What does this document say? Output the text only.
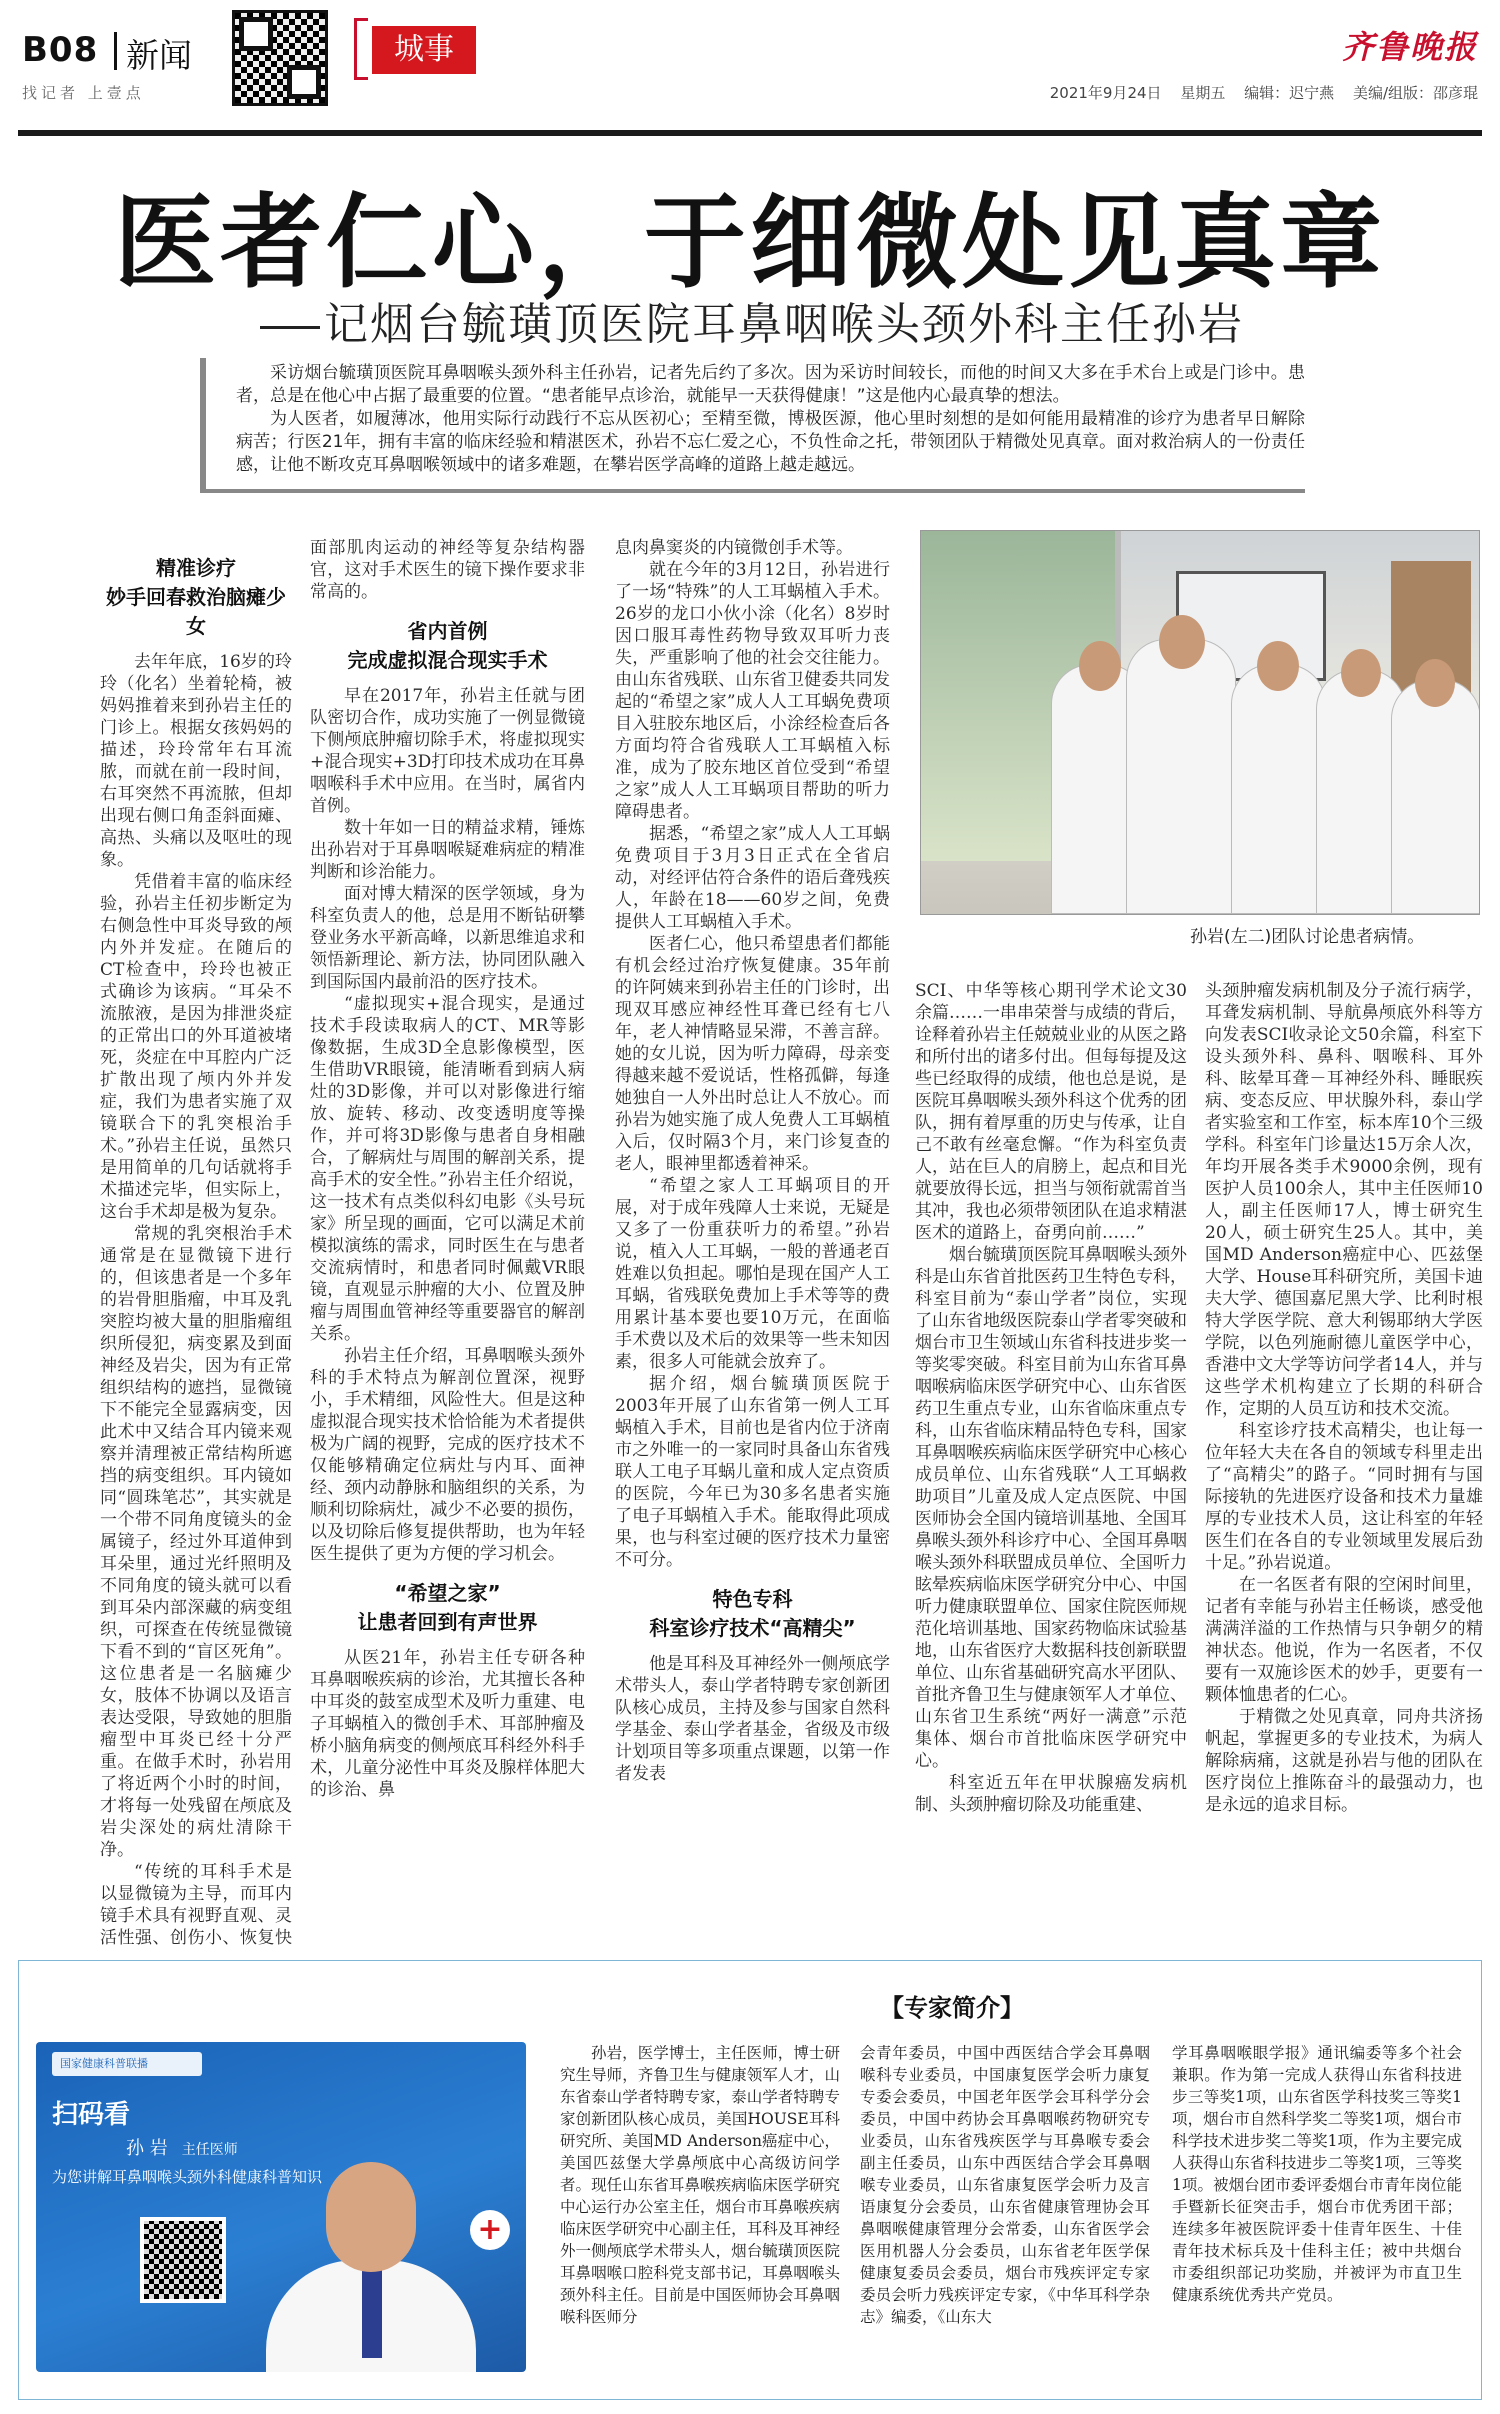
B08 新闻
找记者 上壹点
城事	齐鲁晚报
2021年9月24日 星期五 编辑：迟宁燕 美编/组版：邵彦琨
医者仁心，于细微处见真章
记烟台毓璜顶医院耳鼻咽喉头颈外科主任孙岩

采访烟台毓璜顶医院耳鼻咽喉头颈外科主任孙岩，记者先后约了多次。因为采访时间较长，而他的时间又大多在手术台上或是门诊中。患者，总是在他心中占据了最重要的位置。“患者能早点诊治，就能早一天获得健康！”这是他内心最真挚的想法。

为人医者，如履薄冰，他用实际行动践行不忘从医初心；至精至微，博极医源，他心里时刻想的是如何能用最精准的诊疗为患者早日解除病苦；行医21年，拥有丰富的临床经验和精湛医术，孙岩不忘仁爱之心，不负性命之托，带领团队于精微处见真章。面对救治病人的一份责任感，让他不断攻克耳鼻咽喉领域中的诸多难题，在攀岩医学高峰的道路上越走越远。

精准诊疗
妙手回春救治脑瘫少女

去年年底，16岁的玲玲（化名）坐着轮椅，被妈妈推着来到孙岩主任的门诊上。根据女孩妈妈的描述，玲玲常年右耳流脓，而就在前一段时间，右耳突然不再流脓，但却出现右侧口角歪斜面瘫、高热、头痛以及呕吐的现象。

凭借着丰富的临床经验，孙岩主任初步断定为右侧急性中耳炎导致的颅内外并发症。在随后的CT检查中，玲玲也被正式确诊为该病。“耳朵不流脓液，是因为排泄炎症的正常出口的外耳道被堵死，炎症在中耳腔内广泛扩散出现了颅内外并发症，我们为患者实施了双镜联合下的乳突根治手术。”孙岩主任说，虽然只是用简单的几句话就将手术描述完毕，但实际上，这台手术却是极为复杂。

常规的乳突根治手术通常是在显微镜下进行的，但该患者是一个多年的岩骨胆脂瘤，中耳及乳突腔均被大量的胆脂瘤组织所侵犯，病变累及到面神经及岩尖，因为有正常组织结构的遮挡，显微镜下不能完全显露病变，因此术中又结合耳内镜来观察并清理被正常结构所遮挡的病变组织。耳内镜如同“圆珠笔芯”，其实就是一个带不同角度镜头的金属镜子，经过外耳道伸到耳朵里，通过光纤照明及不同角度的镜头就可以看到耳朵内部深藏的病变组织，可探查在传统显微镜下看不到的“盲区死角”。这位患者是一名脑瘫少女，肢体不协调以及语言表达受限，导致她的胆脂瘤型中耳炎已经十分严重。在做手术时，孙岩用了将近两个小时的时间，才将每一处残留在颅底及岩尖深处的病灶清除干净。

“传统的耳科手术是以显微镜为主导，而耳内镜手术具有视野直观、灵活性强、创伤小、恢复快

面部肌肉运动的神经等复杂结构器官，这对手术医生的镜下操作要求非常高的。

省内首例
完成虚拟混合现实手术

早在2017年，孙岩主任就与团队密切合作，成功实施了一例显微镜下侧颅底肿瘤切除手术，将虚拟现实+混合现实+3D打印技术成功在耳鼻咽喉科手术中应用。在当时，属省内首例。

数十年如一日的精益求精，锤炼出孙岩对于耳鼻咽喉疑难病症的精准判断和诊治能力。

面对博大精深的医学领域，身为科室负责人的他，总是用不断钻研攀登业务水平新高峰，以新思维追求和领悟新理论、新方法，协同团队融入到国际国内最前沿的医疗技术。

“虚拟现实+混合现实，是通过技术手段读取病人的CT、MR等影像数据，生成3D全息影像模型，医生借助VR眼镜，能清晰看到病人病灶的3D影像，并可以对影像进行缩放、旋转、移动、改变透明度等操作，并可将3D影像与患者自身相融合，了解病灶与周围的解剖关系，提高手术的安全性。”孙岩主任介绍说，这一技术有点类似科幻电影《头号玩家》所呈现的画面，它可以满足术前模拟演练的需求，同时医生在与患者交流病情时，和患者同时佩戴VR眼镜，直观显示肿瘤的大小、位置及肿瘤与周围血管神经等重要器官的解剖关系。

孙岩主任介绍，耳鼻咽喉头颈外科的手术特点为解剖位置深，视野小，手术精细，风险性大。但是这种虚拟混合现实技术恰恰能为术者提供极为广阔的视野，完成的医疗技术不仅能够精确定位病灶与内耳、面神经、颈内动静脉和脑组织的关系，为顺利切除病灶，减少不必要的损伤，以及切除后修复提供帮助，也为年轻医生提供了更为方便的学习机会。

“希望之家”
让患者回到有声世界

从医21年，孙岩主任专研各种耳鼻咽喉疾病的诊治，尤其擅长各种中耳炎的鼓室成型术及听力重建、电子耳蜗植入的微创手术、耳部肿瘤及桥小脑角病变的侧颅底耳科经外科手术，儿童分泌性中耳炎及腺样体肥大的诊治、鼻

息肉鼻窦炎的内镜微创手术等。

就在今年的3月12日，孙岩进行了一场“特殊”的人工耳蜗植入手术。26岁的龙口小伙小涂（化名）8岁时因口服耳毒性药物导致双耳听力丧失，严重影响了他的社会交往能力。由山东省残联、山东省卫健委共同发起的“希望之家”成人人工耳蜗免费项目入驻胶东地区后，小涂经检查后各方面均符合省残联人工耳蜗植入标准，成为了胶东地区首位受到“希望之家”成人人工耳蜗项目帮助的听力障碍患者。

据悉，“希望之家”成人人工耳蜗免费项目于3月3日正式在全省启动，对经评估符合条件的语后聋残疾人，年龄在18——60岁之间，免费提供人工耳蜗植入手术。

医者仁心，他只希望患者们都能有机会经过治疗恢复健康。35年前的许阿姨来到孙岩主任的门诊时，出现双耳感应神经性耳聋已经有七八年，老人神情略显呆滞，不善言辞。她的女儿说，因为听力障碍，母亲变得越来越不爱说话，性格孤僻，每逢她独自一人外出时总让人不放心。而孙岩为她实施了成人免费人工耳蜗植入后，仅时隔3个月，来门诊复查的老人，眼神里都透着神采。

“希望之家人工耳蜗项目的开展，对于成年残障人士来说，无疑是又多了一份重获听力的希望。”孙岩说，植入人工耳蜗，一般的普通老百姓难以负担起。哪怕是现在国产人工耳蜗，省残联免费加上手术等等的费用累计基本要也要10万元，在面临手术费以及术后的效果等一些未知因素，很多人可能就会放弃了。

据介绍，烟台毓璜顶医院于2003年开展了山东省第一例人工耳蜗植入手术，目前也是省内位于济南市之外唯一的一家同时具备山东省残联人工电子耳蜗儿童和成人定点资质的医院，今年已为30多名患者实施了电子耳蜗植入手术。能取得此项成果，也与科室过硬的医疗技术力量密不可分。

特色专科
科室诊疗技术“高精尖”

他是耳科及耳神经外一侧颅底学术带头人，泰山学者特聘专家创新团队核心成员，主持及参与国家自然科学基金、泰山学者基金，省级及市级计划项目等多项重点课题，以第一作者发表

孙岩(左二)团队讨论患者病情。

SCI、中华等核心期刊学术论文30余篇……一串串荣誉与成绩的背后，诠释着孙岩主任兢兢业业的从医之路和所付出的诸多付出。但每每提及这些已经取得的成绩，他也总是说，是医院耳鼻咽喉头颈外科这个优秀的团队，拥有着厚重的历史与传承，让自己不敢有丝毫怠懈。“作为科室负责人，站在巨人的肩膀上，起点和目光就要放得长远，担当与领衔就需首当其冲，我也必须带领团队在追求精湛医术的道路上，奋勇向前……”

烟台毓璜顶医院耳鼻咽喉头颈外科是山东省首批医药卫生特色专科，科室目前为“泰山学者”岗位，实现了山东省地级医院泰山学者零突破和烟台市卫生领域山东省科技进步奖一等奖零突破。科室目前为山东省耳鼻咽喉病临床医学研究中心、山东省医药卫生重点专业，山东省临床重点专科，山东省临床精品特色专科，国家耳鼻咽喉疾病临床医学研究中心核心成员单位、山东省残联“人工耳蜗救助项目”儿童及成人定点医院、中国医师协会全国内镜培训基地、全国耳鼻喉头颈外科诊疗中心、全国耳鼻咽喉头颈外科联盟成员单位、全国听力眩晕疾病临床医学研究分中心、中国听力健康联盟单位、国家住院医师规范化培训基地、国家药物临床试验基地，山东省医疗大数据科技创新联盟单位、山东省基础研究高水平团队、首批齐鲁卫生与健康领军人才单位、山东省卫生系统“两好一满意”示范集体、烟台市首批临床医学研究中心。

科室近五年在甲状腺癌发病机制、头颈肿瘤切除及功能重建、

头颈肿瘤发病机制及分子流行病学，耳聋发病机制、导航鼻颅底外科等方向发表SCI收录论文50余篇，科室下设头颈外科、鼻科、咽喉科、耳外科、眩晕耳聋－耳神经外科、睡眠疾病、变态反应、甲状腺外科，泰山学者实验室和工作室，标本库10个三级学科。科室年门诊量达15万余人次，年均开展各类手术9000余例，现有医护人员100余人，其中主任医师10人，副主任医师17人，博士研究生20人，硕士研究生25人。其中，美国MD Anderson癌症中心、匹兹堡大学、House耳科研究所，美国卡迪夫大学、德国嘉尼黑大学、比利时根特大学医学院、意大利锡耶纳大学医学院，以色列施耐德儿童医学中心，香港中文大学等访问学者14人，并与这些学术机构建立了长期的科研合作，定期的人员互访和技术交流。

科室诊疗技术高精尖，也让每一位年轻大夫在各自的领域专科里走出了“高精尖”的路子。“同时拥有与国际接轨的先进医疗设备和技术力量雄厚的专业技术人员，这让科室的年轻医生们在各自的专业领域里发展后劲十足。”孙岩说道。

在一名医者有限的空闲时间里，记者有幸能与孙岩主任畅谈，感受他满满洋溢的工作热情与只争朝夕的精神状态。他说，作为一名医者，不仅要有一双施诊医术的妙手，更要有一颗体恤患者的仁心。

于精微之处见真章，同舟共济扬帆起，掌握更多的专业技术，为病人解除病痛，这就是孙岩与他的团队在医疗岗位上推陈奋斗的最强动力，也是永远的追求目标。

【专家简介】
国家健康科普联播
扫码看
孙 岩 主任医师
为您讲解耳鼻咽喉头颈外科健康科普知识
+
孙岩，医学博士，主任医师，博士研究生导师，齐鲁卫生与健康领军人才，山东省泰山学者特聘专家，泰山学者特聘专家创新团队核心成员，美国HOUSE耳科研究所、美国MD Anderson癌症中心，美国匹兹堡大学鼻颅底中心高级访问学者。现任山东省耳鼻喉疾病临床医学研究中心运行办公室主任，烟台市耳鼻喉疾病临床医学研究中心副主任，耳科及耳神经外一侧颅底学术带头人，烟台毓璜顶医院耳鼻咽喉口腔科党支部书记，耳鼻咽喉头颈外科主任。目前是中国医师协会耳鼻咽喉科医师分
会青年委员，中国中西医结合学会耳鼻咽喉科专业委员，中国康复医学会听力康复专委会委员，中国老年医学会耳科学分会委员，中国中药协会耳鼻咽喉药物研究专业委员，山东省残疾医学与耳鼻喉专委会副主任委员，山东中西医结合学会耳鼻咽喉专业委员，山东省康复医学会听力及言语康复分会委员，山东省健康管理协会耳鼻咽喉健康管理分会常委，山东省医学会医用机器人分会委员，山东省老年医学保健康复委员会委员，烟台市残疾评定专家委员会听力残疾评定专家，《中华耳科学杂志》编委，《山东大
学耳鼻咽喉眼学报》通讯编委等多个社会兼职。作为第一完成人获得山东省科技进步三等奖1项，山东省医学科技奖三等奖1项，烟台市自然科学奖二等奖1项，烟台市科学技术进步奖二等奖1项，作为主要完成人获得山东省科技进步二等奖1项，三等奖1项。被烟台团市委评委烟台市青年岗位能手暨新长征突击手，烟台市优秀团干部；连续多年被医院评委十佳青年医生、十佳青年技术标兵及十佳科主任；被中共烟台市委组织部记功奖励，并被评为市直卫生健康系统优秀共产党员。
